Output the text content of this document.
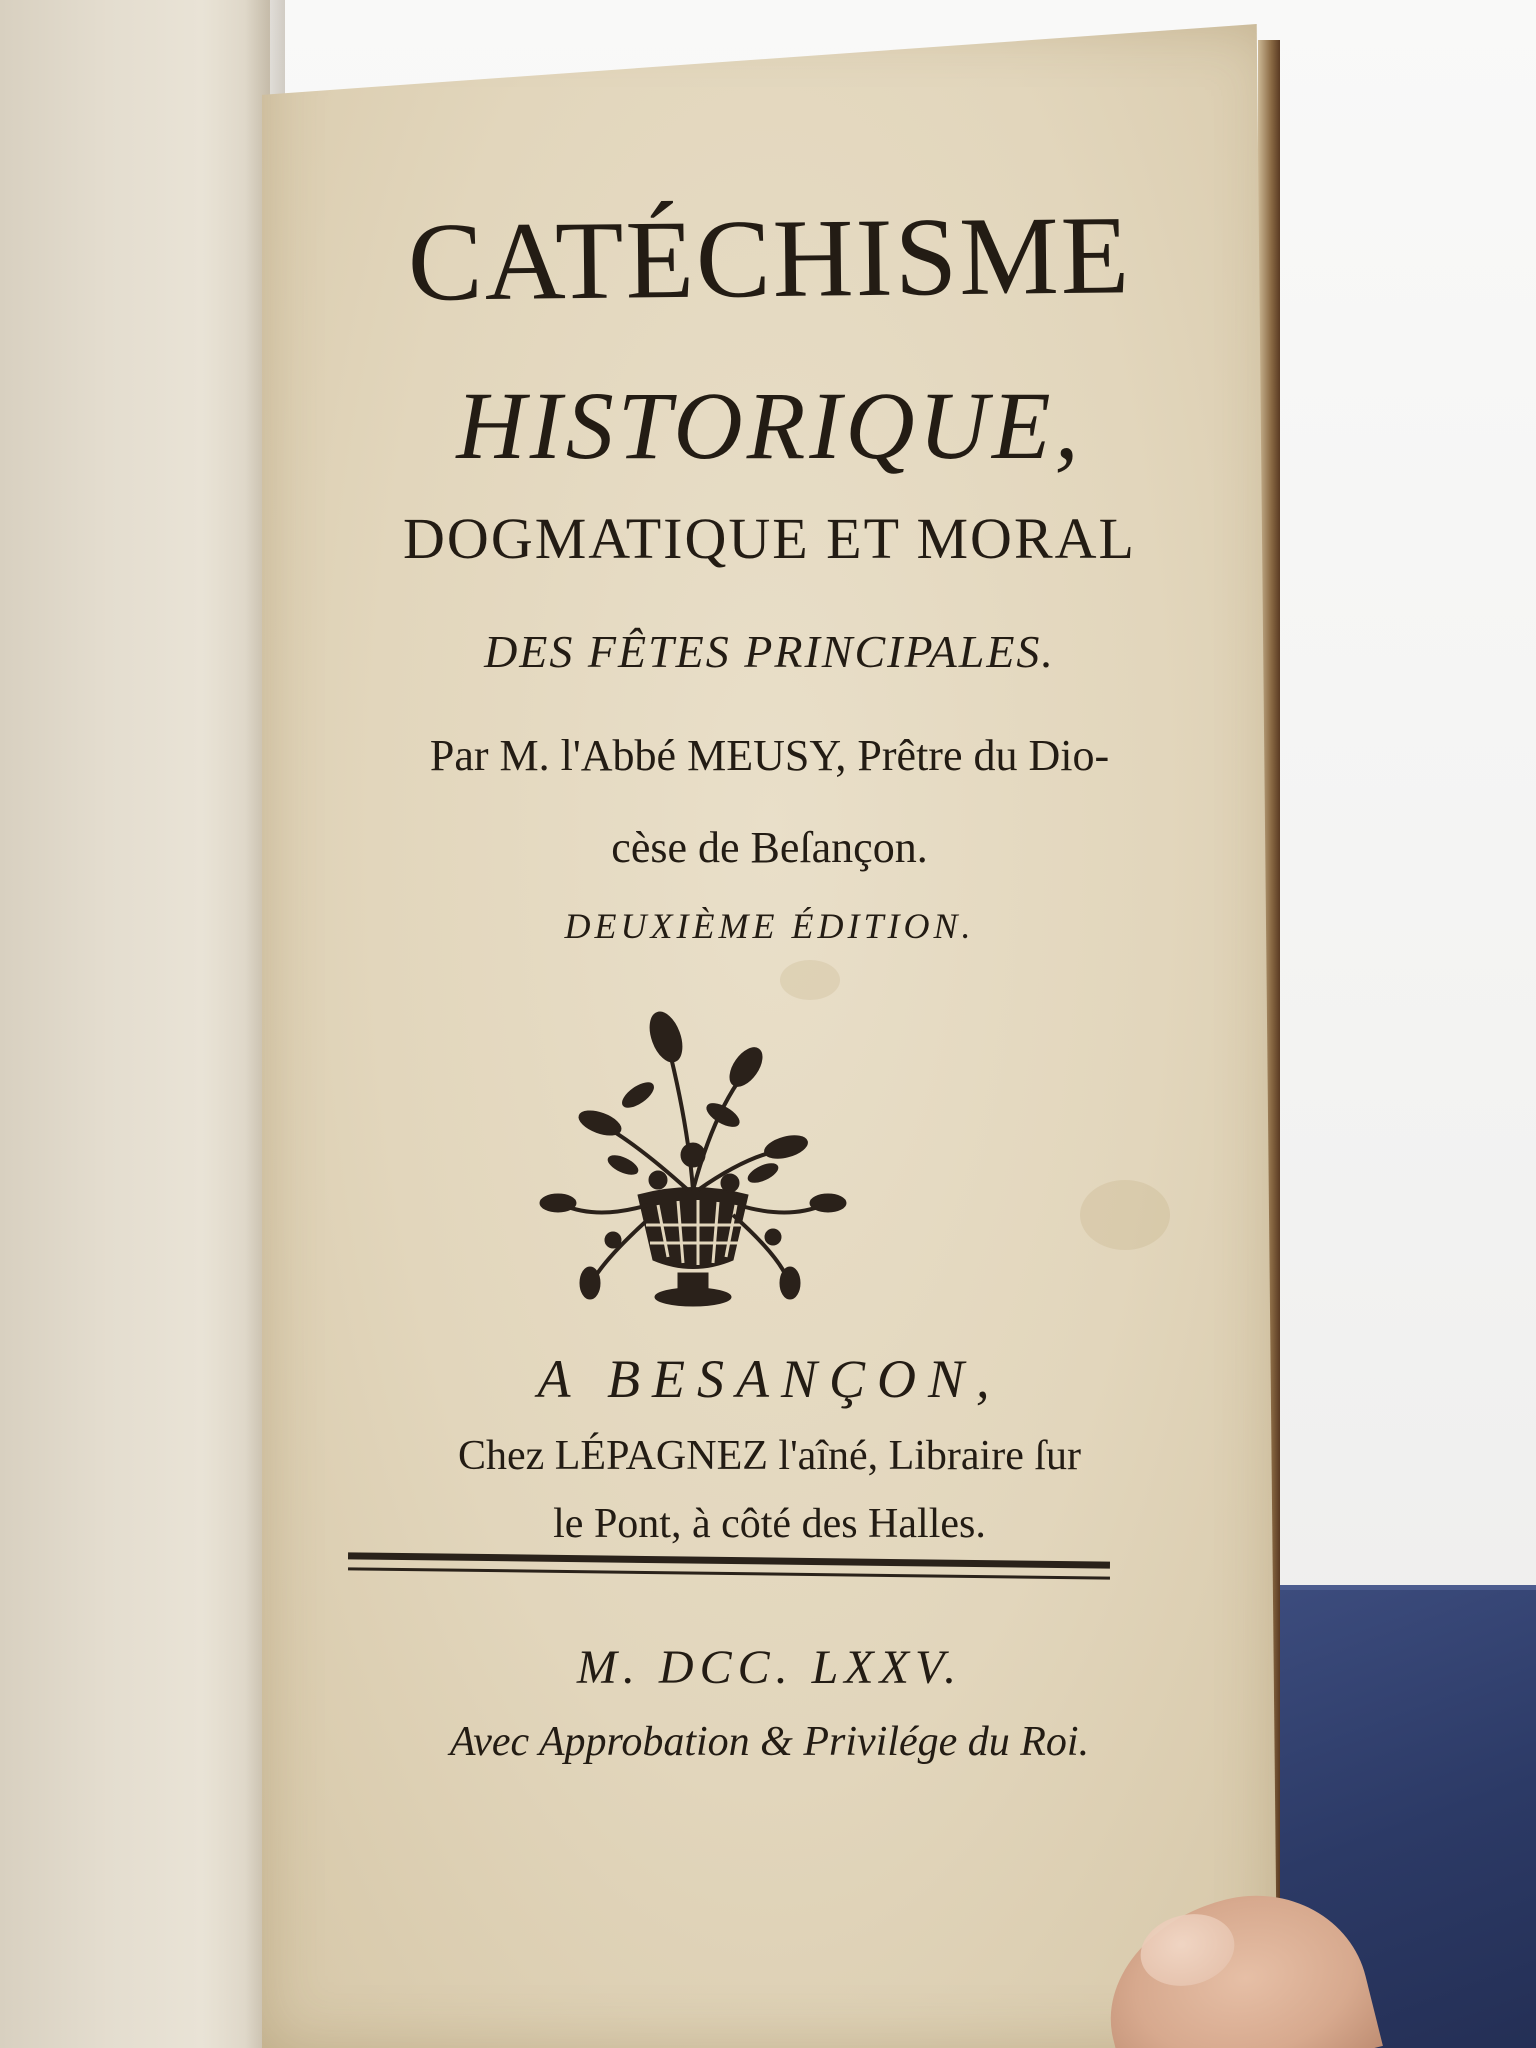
CATÉCHISME
HISTORIQUE,
DOGMATIQUE ET MORAL
DES FÊTES PRINCIPALES.
Par M. l'Abbé MEUSY, Prêtre du Dio-
cèse de Beſançon.
DEUXIÈME ÉDITION.
A BESANÇON,
Chez LÉPAGNEZ l'aîné, Libraire ſur
le Pont, à côté des Halles.
M. DCC. LXXV.
Avec Approbation & Privilége du Roi.
